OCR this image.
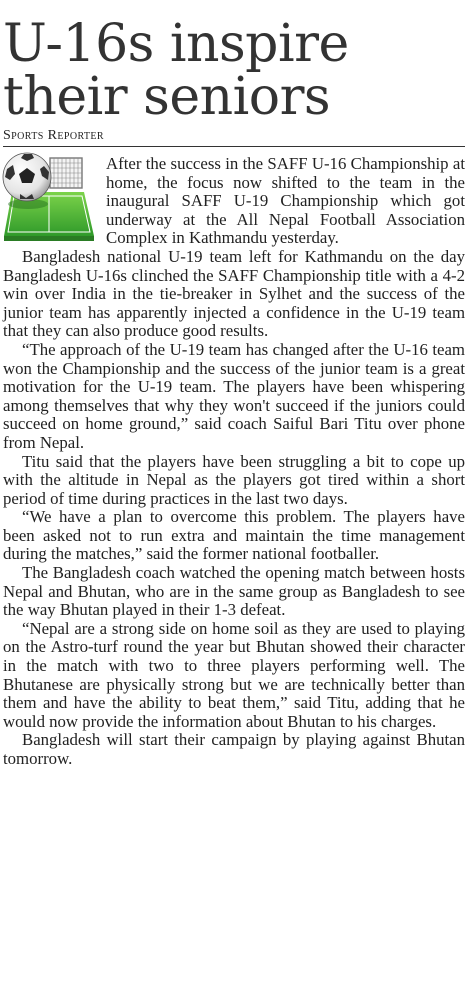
U-16s inspire their seniors
Sports Reporter

After the success in the SAFF U-16 Championship at home, the focus now shifted to the team in the inaugural SAFF U-19 Championship which got underway at the All Nepal Football Association Complex in Kathmandu yesterday.

Bangladesh national U-19 team left for Kathmandu on the day Bangladesh U-16s clinched the SAFF Championship title with a 4-2 win over India in the tie-breaker in Sylhet and the success of the junior team has apparently injected a confidence in the U-19 team that they can also produce good results.

“The approach of the U-19 team has changed after the U-16 team won the Championship and the success of the junior team is a great motivation for the U-19 team. The players have been whispering among themselves that why they won't succeed if the juniors could succeed on home ground,” said coach Saiful Bari Titu over phone from Nepal.

Titu said that the players have been struggling a bit to cope up with the altitude in Nepal as the players got tired within a short period of time during practices in the last two days.

“We have a plan to overcome this problem. The players have been asked not to run extra and maintain the time management during the matches,” said the former national footballer.

The Bangladesh coach watched the opening match between hosts Nepal and Bhutan, who are in the same group as Bangladesh to see the way Bhutan played in their 1-3 defeat.

“Nepal are a strong side on home soil as they are used to playing on the Astro-turf round the year but Bhutan showed their character in the match with two to three players performing well. The Bhutanese are physically strong but we are technically better than them and have the ability to beat them,” said Titu, adding that he would now provide the information about Bhutan to his charges.

Bangladesh will start their campaign by playing against Bhutan tomorrow.
